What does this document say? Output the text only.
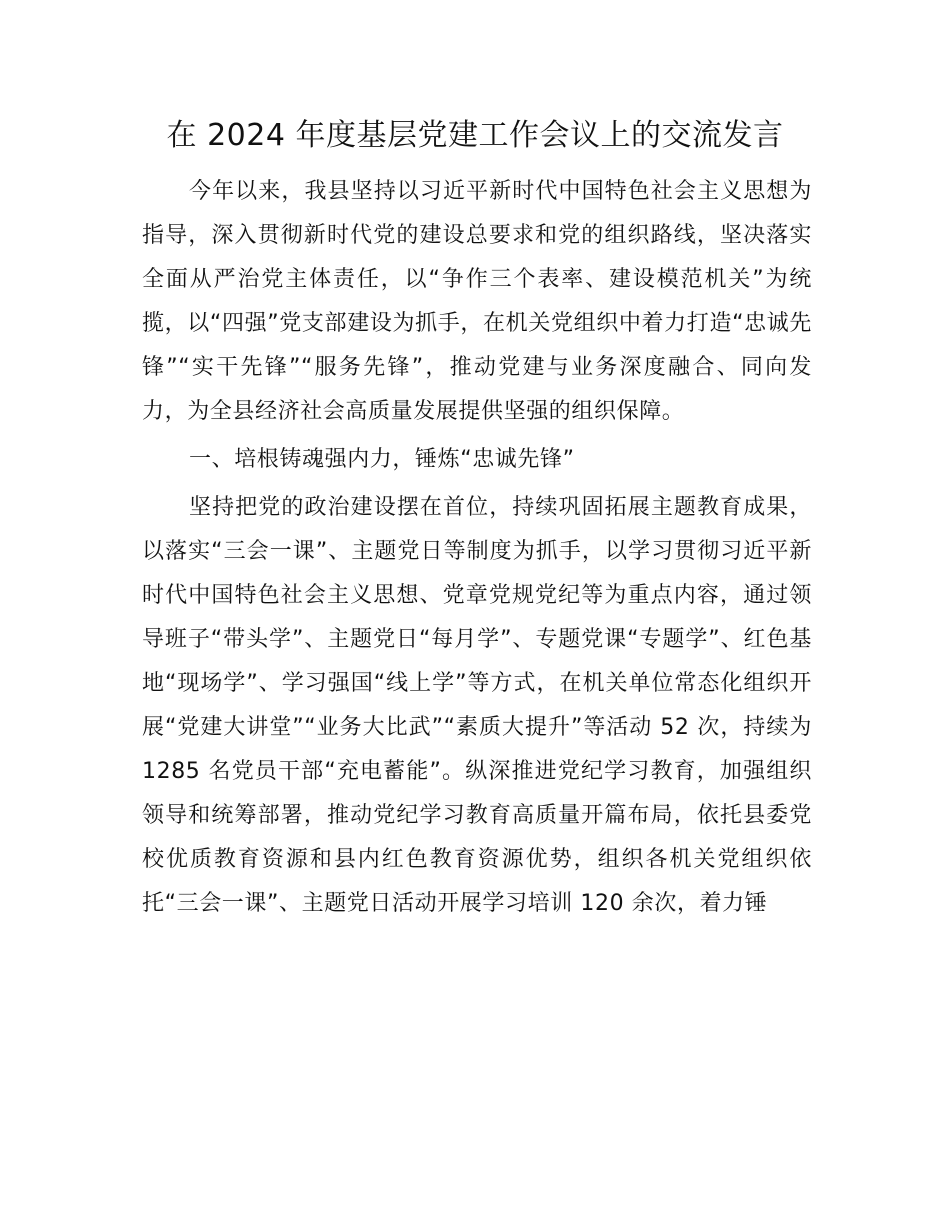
在 2024 年度基层党建工作会议上的交流发言

今年以来，我县坚持以习近平新时代中国特色社会主义思想为指导，深入贯彻新时代党的建设总要求和党的组织路线，坚决落实全面从严治党主体责任，以“争作三个表率、建设模范机关”为统揽，以“四强”党支部建设为抓手，在机关党组织中着力打造“忠诚先锋”“实干先锋”“服务先锋”，推动党建与业务深度融合、同向发力，为全县经济社会高质量发展提供坚强的组织保障。

一、培根铸魂强内力，锤炼“忠诚先锋”

坚持把党的政治建设摆在首位，持续巩固拓展主题教育成果，以落实“三会一课”、主题党日等制度为抓手，以学习贯彻习近平新时代中国特色社会主义思想、党章党规党纪等为重点内容，通过领导班子“带头学”、主题党日“每月学”、专题党课“专题学”、红色基地“现场学”、学习强国“线上学”等方式，在机关单位常态化组织开展“党建大讲堂”“业务大比武”“素质大提升”等活动 52 次，持续为 1285 名党员干部“充电蓄能”。纵深推进党纪学习教育，加强组织领导和统筹部署，推动党纪学习教育高质量开篇布局，依托县委党校优质教育资源和县内红色教育资源优势，组织各机关党组织依托“三会一课”、主题党日活动开展学习培训 120 余次，着力锤
